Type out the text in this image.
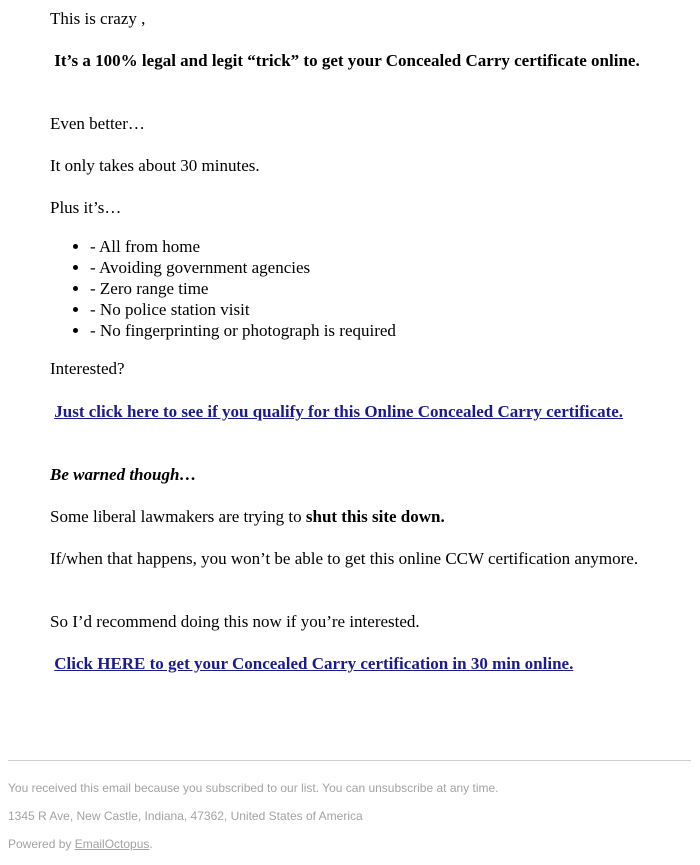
This is crazy ,

It’s a 100% legal and legit “trick” to get your Concealed Carry certificate online.

Even better…

It only takes about 30 minutes.

Plus it’s…

• - All from home
• - Avoiding government agencies
• - Zero range time
• - No police station visit
• - No fingerprinting or photograph is required

Interested?

Just click here to see if you qualify for this Online Concealed Carry certificate.

Be warned though…

Some liberal lawmakers are trying to shut this site down.

If/when that happens, you won’t be able to get this online CCW certification anymore.

So I’d recommend doing this now if you’re interested.

Click HERE to get your Concealed Carry certification in 30 min online.

You received this email because you subscribed to our list. You can unsubscribe at any time.

1345 R Ave, New Castle, Indiana, 47362, United States of America

Powered by EmailOctopus.
